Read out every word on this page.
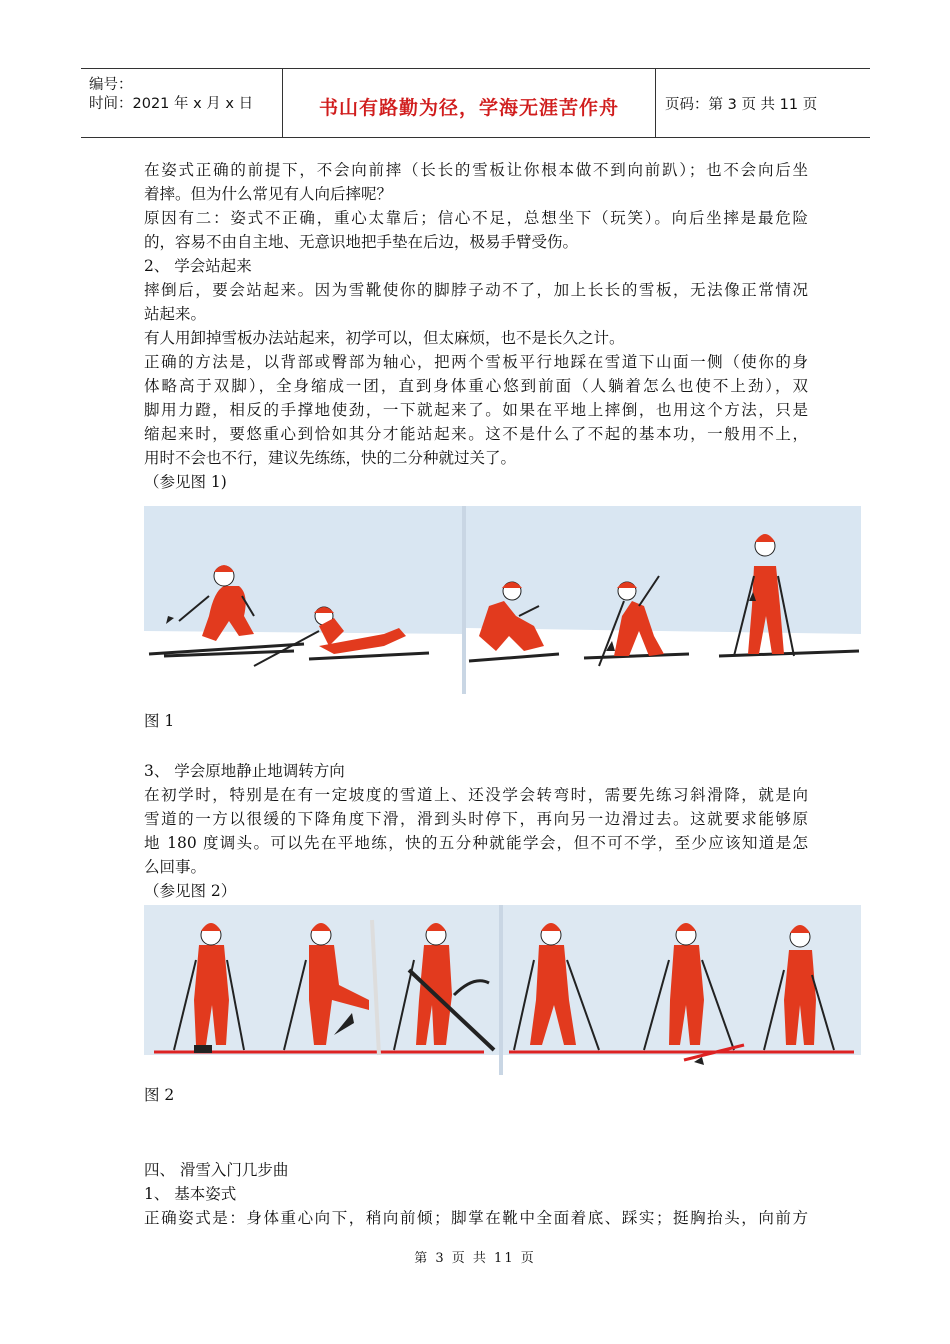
编号：
时间：2021 年 x 月 x 日	书山有路勤为径，学海无涯苦作舟	页码：第 3 页 共 11 页
在姿式正确的前提下，不会向前摔（长长的雪板让你根本做不到向前趴）；也不会向后坐
着摔。但为什么常见有人向后摔呢？
原因有二：姿式不正确，重心太靠后；信心不足，总想坐下（玩笑）。向后坐摔是最危险
的，容易不由自主地、无意识地把手垫在后边，极易手臂受伤。
2、 学会站起来
摔倒后，要会站起来。因为雪靴使你的脚脖子动不了，加上长长的雪板，无法像正常情况
站起来。
有人用卸掉雪板办法站起来，初学可以，但太麻烦，也不是长久之计。
正确的方法是，以背部或臀部为轴心，把两个雪板平行地踩在雪道下山面一侧（使你的身
体略高于双脚），全身缩成一团，直到身体重心悠到前面（人躺着怎么也使不上劲），双
脚用力蹬，相反的手撑地使劲，一下就起来了。如果在平地上摔倒，也用这个方法，只是
缩起来时，要悠重心到恰如其分才能站起来。这不是什么了不起的基本功，一般用不上，
用时不会也不行，建议先练练，快的二分种就过关了。
（参见图 1)
图 1
3、 学会原地静止地调转方向
在初学时，特别是在有一定坡度的雪道上、还没学会转弯时，需要先练习斜滑降，就是向
雪道的一方以很缓的下降角度下滑，滑到头时停下，再向另一边滑过去。这就要求能够原
地 180 度调头。可以先在平地练，快的五分种就能学会，但不可不学，至少应该知道是怎
么回事。
（参见图 2）
图 2
四、 滑雪入门几步曲
1、 基本姿式
正确姿式是：身体重心向下，稍向前倾；脚掌在靴中全面着底、踩实；挺胸抬头，向前方
第 3 页 共 11 页
